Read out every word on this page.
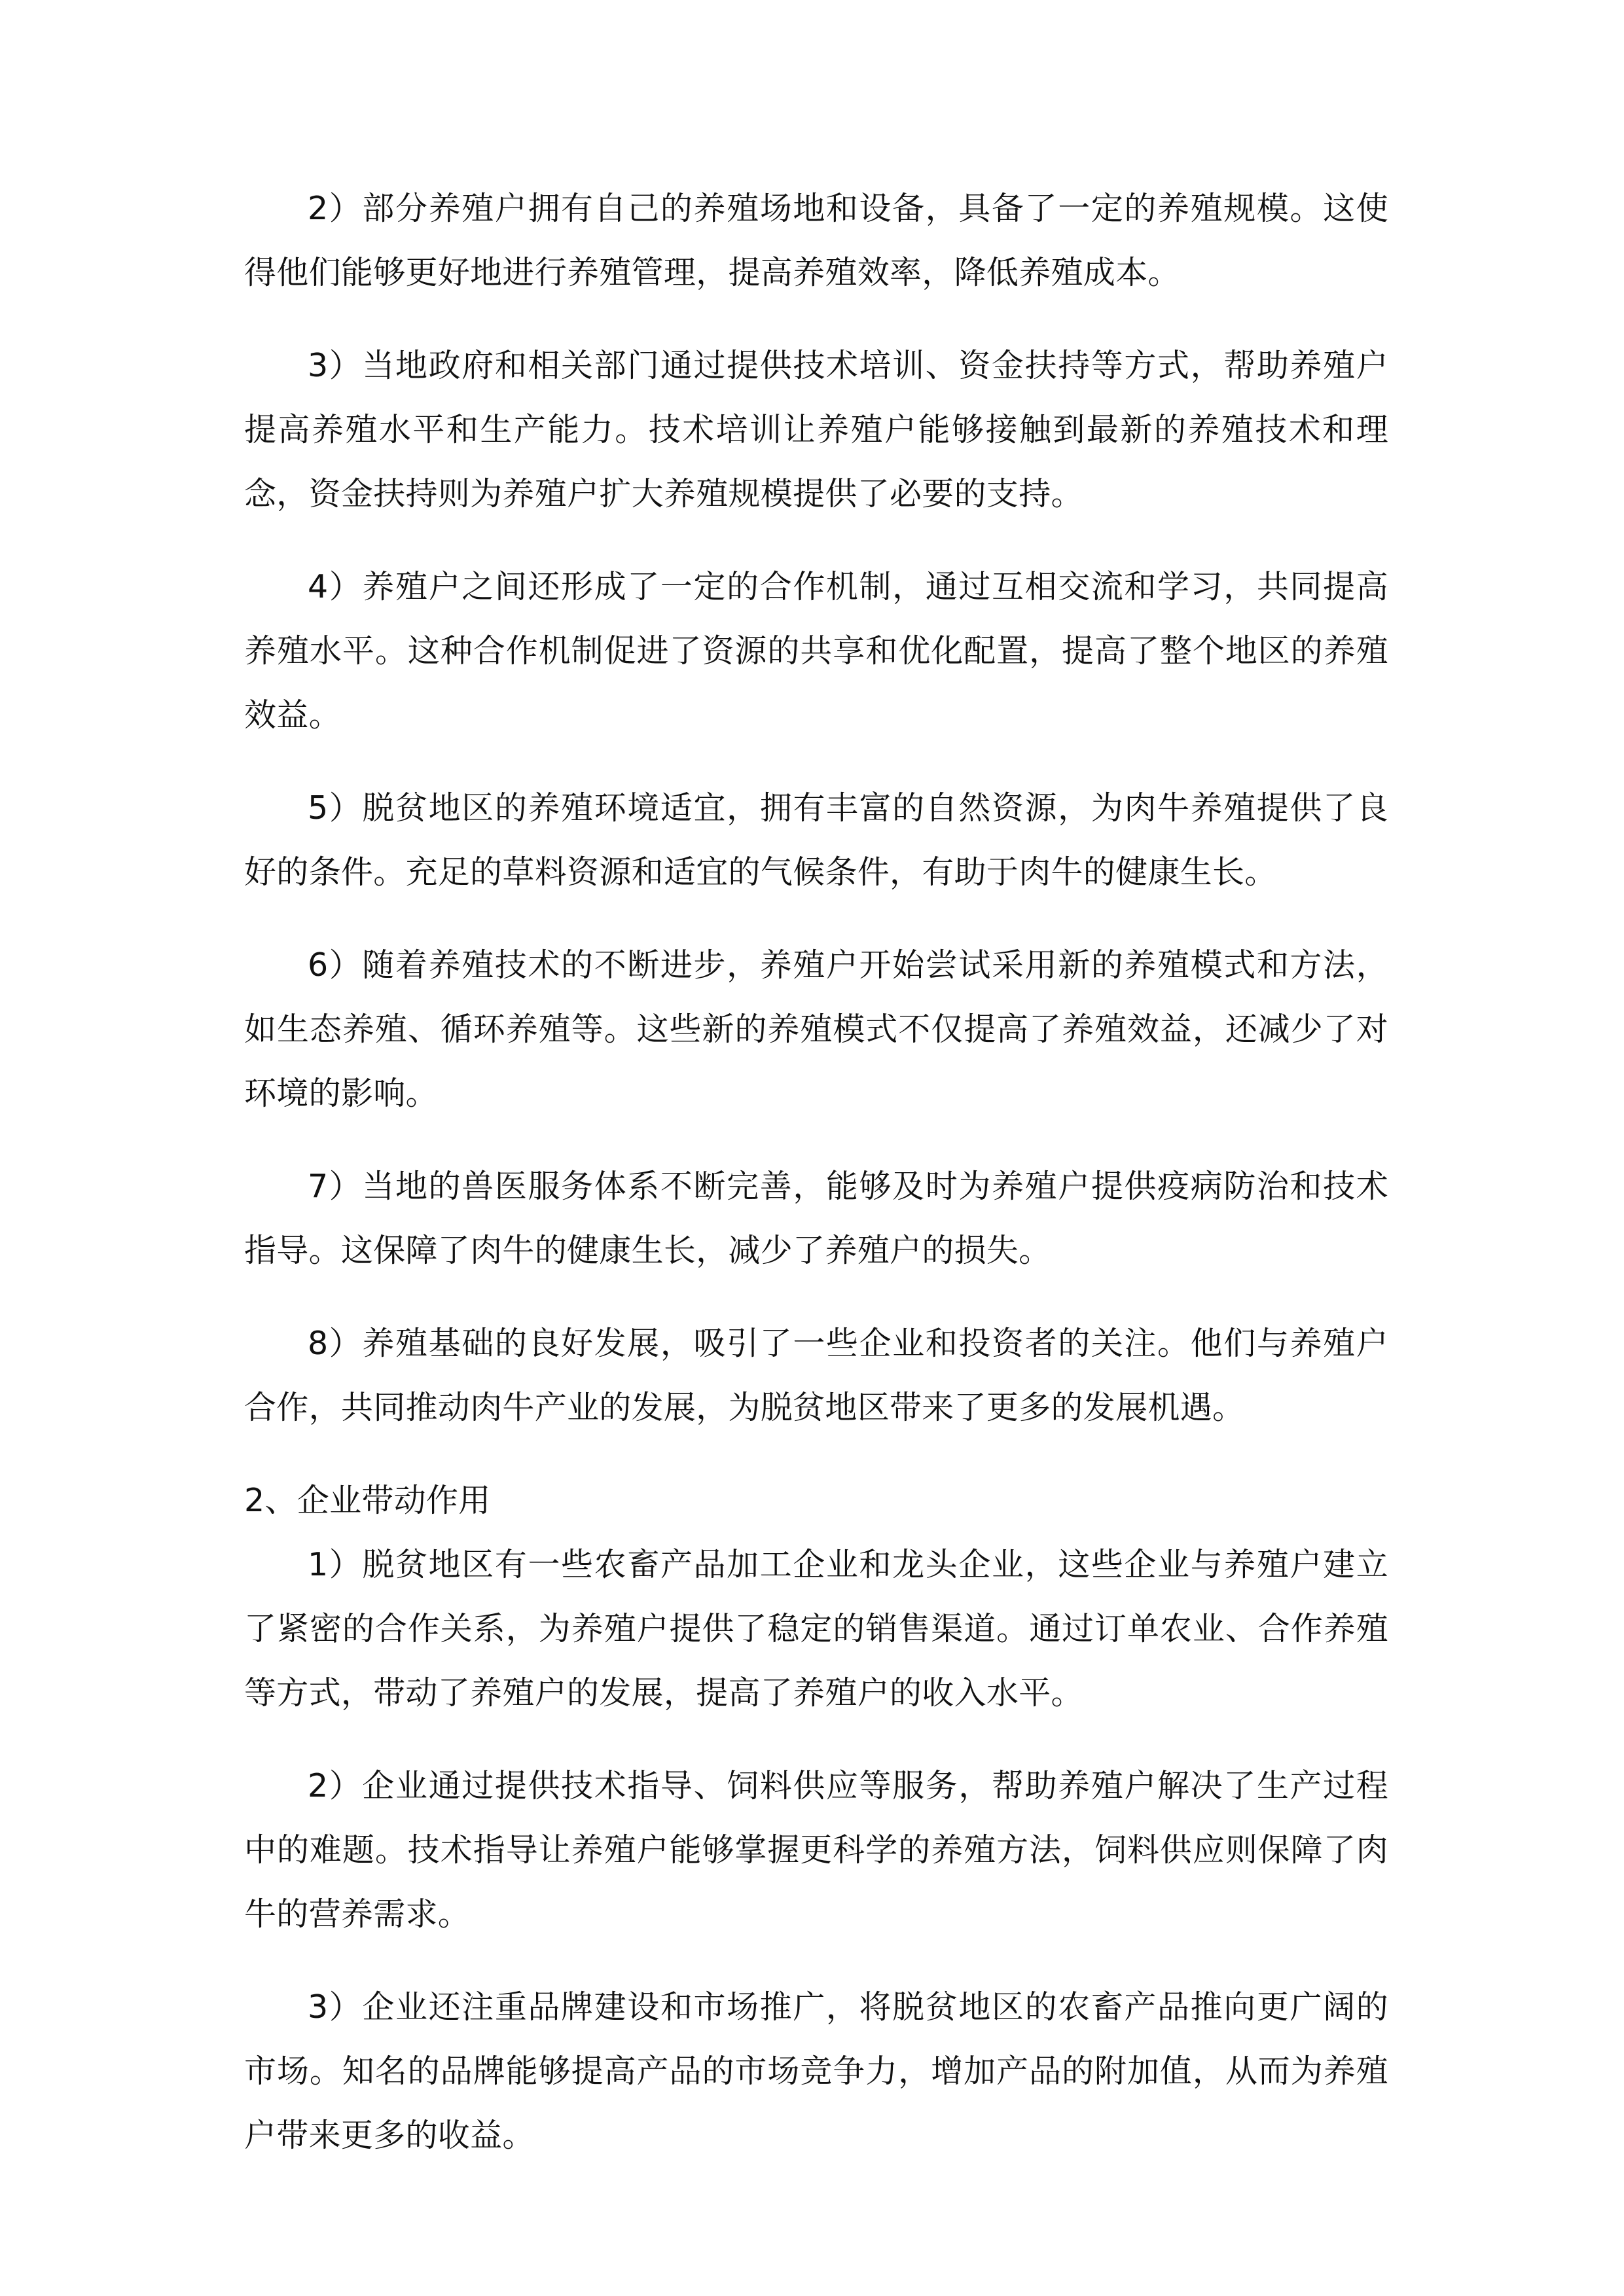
2）部分养殖户拥有自己的养殖场地和设备，具备了一定的养殖规模。这使得他们能够更好地进行养殖管理，提高养殖效率，降低养殖成本。

3）当地政府和相关部门通过提供技术培训、资金扶持等方式，帮助养殖户提高养殖水平和生产能力。技术培训让养殖户能够接触到最新的养殖技术和理念，资金扶持则为养殖户扩大养殖规模提供了必要的支持。

4）养殖户之间还形成了一定的合作机制，通过互相交流和学习，共同提高养殖水平。这种合作机制促进了资源的共享和优化配置，提高了整个地区的养殖效益。

5）脱贫地区的养殖环境适宜，拥有丰富的自然资源，为肉牛养殖提供了良好的条件。充足的草料资源和适宜的气候条件，有助于肉牛的健康生长。

6）随着养殖技术的不断进步，养殖户开始尝试采用新的养殖模式和方法，如生态养殖、循环养殖等。这些新的养殖模式不仅提高了养殖效益，还减少了对环境的影响。

7）当地的兽医服务体系不断完善，能够及时为养殖户提供疫病防治和技术指导。这保障了肉牛的健康生长，减少了养殖户的损失。

8）养殖基础的良好发展，吸引了一些企业和投资者的关注。他们与养殖户合作，共同推动肉牛产业的发展，为脱贫地区带来了更多的发展机遇。

2、企业带动作用

1）脱贫地区有一些农畜产品加工企业和龙头企业，这些企业与养殖户建立了紧密的合作关系，为养殖户提供了稳定的销售渠道。通过订单农业、合作养殖等方式，带动了养殖户的发展，提高了养殖户的收入水平。

2）企业通过提供技术指导、饲料供应等服务，帮助养殖户解决了生产过程中的难题。技术指导让养殖户能够掌握更科学的养殖方法，饲料供应则保障了肉牛的营养需求。

3）企业还注重品牌建设和市场推广，将脱贫地区的农畜产品推向更广阔的市场。知名的品牌能够提高产品的市场竞争力，增加产品的附加值，从而为养殖户带来更多的收益。
